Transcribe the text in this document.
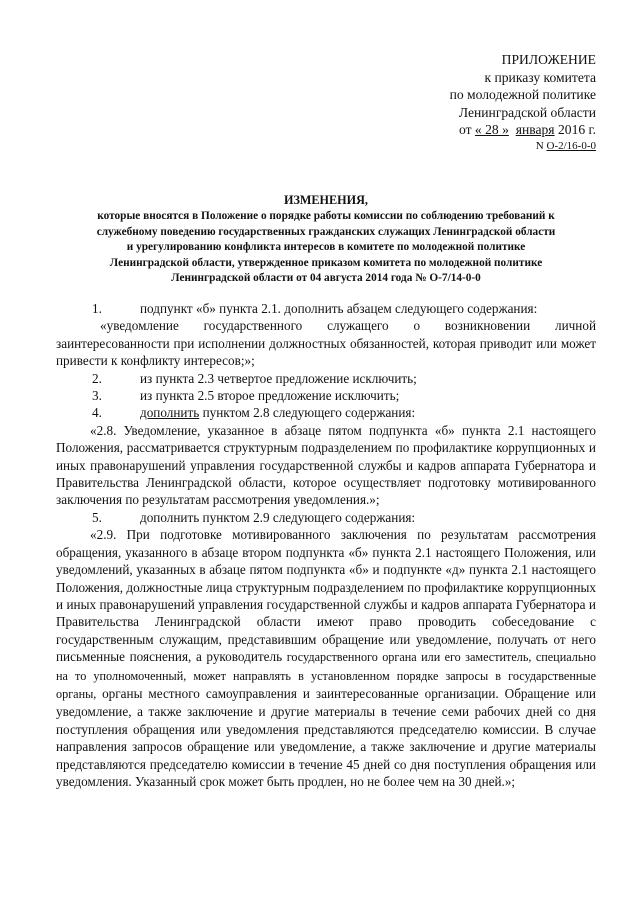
ПРИЛОЖЕНИЕ
к приказу комитета
по молодежной политике
Ленинградской области
от « 28 » января 2016 г.
N О-2/16-0-0
ИЗМЕНЕНИЯ,
которые вносятся в Положение о порядке работы комиссии по соблюдению требований к
служебному поведению государственных гражданских служащих Ленинградской области
и урегулированию конфликта интересов в комитете по молодежной политике
Ленинградской области, утвержденное приказом комитета по молодежной политике
Ленинградской области от 04 августа 2014 года № О-7/14-0-0

1.	подпункт «б» пункта 2.1. дополнить абзацем следующего содержания:

«уведомление государственного служащего о возникновении личной заинтересованности при исполнении должностных обязанностей, которая приводит или может привести к конфликту интересов;»;

2.	из пункта 2.3 четвертое предложение исключить;

3.	из пункта 2.5 второе предложение исключить;

4.	дополнить пунктом 2.8 следующего содержания:

«2.8. Уведомление, указанное в абзаце пятом подпункта «б» пункта 2.1 настоящего Положения, рассматривается структурным подразделением по профилактике коррупционных и иных правонарушений управления государственной службы и кадров аппарата Губернатора и Правительства Ленинградской области, которое осуществляет подготовку мотивированного заключения по результатам рассмотрения уведомления.»;

5.	дополнить пунктом 2.9 следующего содержания:

«2.9. При подготовке мотивированного заключения по результатам рассмотрения обращения, указанного в абзаце втором подпункта «б» пункта 2.1 настоящего Положения, или уведомлений, указанных в абзаце пятом подпункта «б» и подпункте «д» пункта 2.1 настоящего Положения, должностные лица структурным подразделением по профилактике коррупционных и иных правонарушений управления государственной службы и кадров аппарата Губернатора и Правительства Ленинградской области имеют право проводить собеседование с государственным служащим, представившим обращение или уведомление, получать от него письменные пояснения, а руководитель государственного органа или его заместитель, специально на то уполномоченный, может направлять в установленном порядке запросы в государственные органы, органы местного самоуправления и заинтересованные организации. Обращение или уведомление, а также заключение и другие материалы в течение семи рабочих дней со дня поступления обращения или уведомления представляются председателю комиссии. В случае направления запросов обращение или уведомление, а также заключение и другие материалы представляются председателю комиссии в течение 45 дней со дня поступления обращения или уведомления. Указанный срок может быть продлен, но не более чем на 30 дней.»;
